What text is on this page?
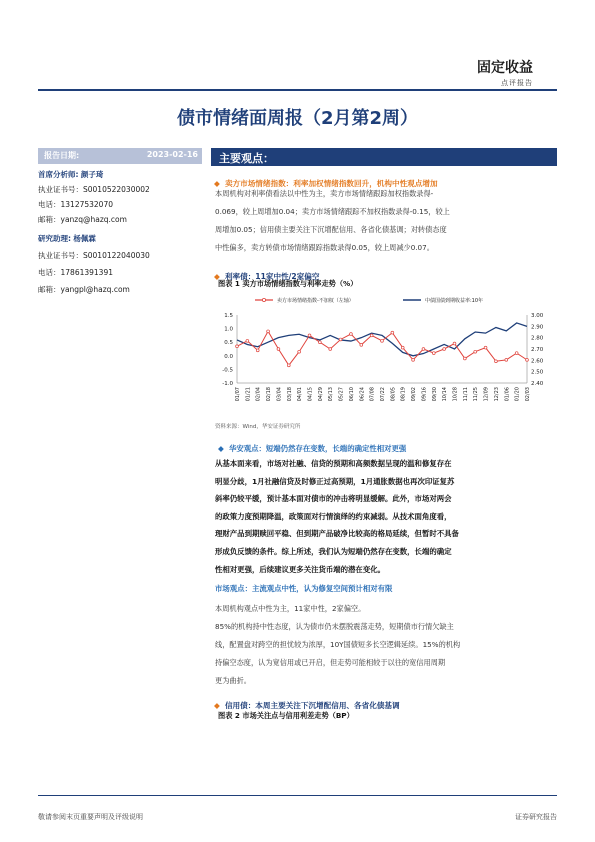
固定收益
点评报告
债市情绪面周报（2月第2周）
报告日期:	2023-02-16
首席分析师: 颜子琦
执业证书号：S0010522030002
电话：13127532070
邮箱：yanzq@hazq.com
研究助理: 杨佩霖
执业证书号：S0010122040030
电话：17861391391
邮箱：yangpl@hazq.com
主要观点：
◆ 卖方市场情绪指数：利率加权情绪指数回升，机构中性观点增加
本周机构对利率债看法以中性为主，卖方市场情绪跟踪加权指数录得-
0.069，较上周增加0.04；卖方市场情绪跟踪不加权指数录得-0.15，较上
周增加0.05；信用债主要关注下沉增配信用、各省化债基调；对转债态度
中性偏多，卖方转债市场情绪跟踪指数录得0.05，较上周减少0.07。
◆ 利率债：11家中性/2家偏空
图表 1 卖方市场情绪指数与利率走势（%）
卖方市场情绪指数-不加权（左轴）	中债国债到期收益率:10年
1.5
1.0
0.5
0.0
-0.5
-1.0
3.00
2.90
2.80
2.70
2.60
2.50
2.40
01/07 01/21 02/04 02/18 03/04 03/18 04/01 04/15 04/29 05/13 05/27 06/10 06/24 07/08 07/22 08/05 08/19 09/02 09/16 09/30 10/14 10/28 11/11 11/25 12/09 12/23 01/06 01/20 02/03
资料来源：Wind，华安证券研究所
◆ 华安观点：短端仍然存在变数，长端的确定性相对更强
从基本面来看，市场对社融、信贷的预期和高频数据呈现的温和修复存在
明显分歧，1月社融信贷及时修正过高预期，1月通胀数据也再次印证复苏
斜率仍较平缓，预计基本面对债市的冲击将明显缓解。此外，市场对两会
的政策力度预期降温，政策面对行情演绎的约束减弱。从技术面角度看，
理财产品到期赎回平稳、但到期产品破净比较高的格局延续，但暂时不具备
形成负反馈的条件。综上所述，我们认为短端仍然存在变数，长端的确定
性相对更强，后续建议更多关注货币端的潜在变化。
市场观点：主流观点中性，认为修复空间预计相对有限
本周机构观点中性为主，11家中性，2家偏空。
85%的机构持中性态度，认为债市仍未摆脱震荡走势，短期债市行情欠缺主
线，配置盘对跨空的担忧较为浓厚，10Y国债短多长空逻辑延续。15%的机构
持偏空态度，认为宽信用或已开启，但走势可能相较于以往的宽信用周期
更为曲折。
◆ 信用债：本周主要关注下沉增配信用、各省化债基调
图表 2 市场关注点与信用利差走势（BP）
敬请参阅末页重要声明及评级说明	证券研究报告
